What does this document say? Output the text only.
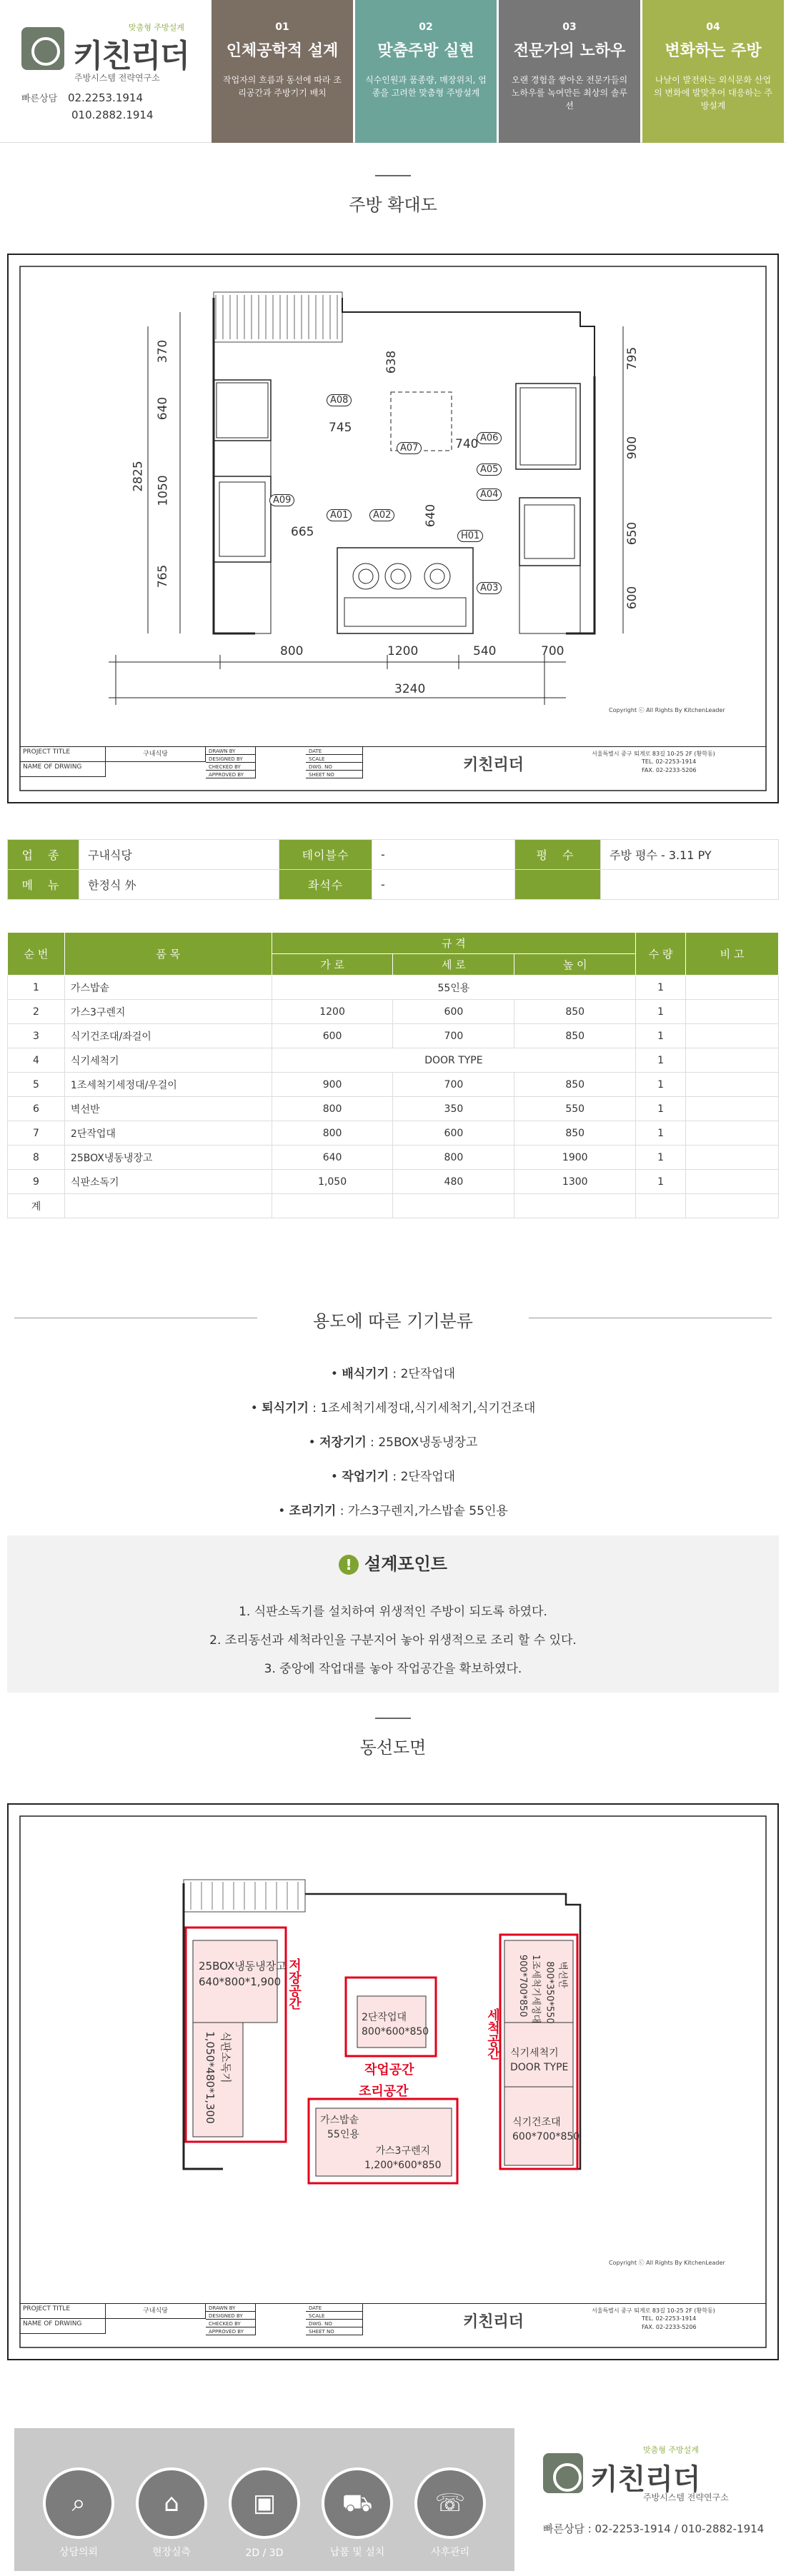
맞춤형 주방설계
키친리더
주방시스템 전략연구소
빠른상담 02.2253.1914
010.2882.1914
01
인체공학적 설계
작업자의 흐름과 동선에 따라 조리공간과 주방기기 배치
02
맞춤주방 실현
식수인원과 품종량, 매장위치, 업종을 고려한 맞춤형 주방설계
03
전문가의 노하우
오랜 경험을 쌓아온 전문가들의 노하우를 녹여만든 최상의 솔루션
04
변화하는 주방
나날이 발전하는 외식문화 산업의 변화에 발맞추어 대응하는 주방설계
주방 확대도
A08
A09
A07
A06
A05
A04
A01	A02
H01
A03
370
640
1050
765
2825
745
638
740
665
640
795
900
650
600
800	1200	540	700
3240
Copyright ⓒ All Rights By KitchenLeader
PROJECT TITLE	구내식당
NAME OF DRWING
DRAWN BY
DESIGNED BY
CHECKED BY
APPROVED BY
DATE
SCALE
DWG. NO
SHEET NO
키친리더
서울특별시 중구 퇴계로 83길 10-25 2F (황학동)
TEL. 02-2253-1914
FAX. 02-2233-5206
업 종	구내식당	테이블수	-	평 수	주방 평수 - 3.11 PY
메 뉴	한정식 外	좌석수	-		
순 번	품 목	규 격			수 량	비 고
		가 로	세 로	높 이		
1	가스밥솥	55인용			1	
2	가스3구렌지	1200	600	850	1	
3	식기건조대/좌걸이	600	700	850	1	
4	식기세척기	DOOR TYPE			1	
5	1조세척기세정대/우걸이	900	700	850	1	
6	벽선반	800	350	550	1	
7	2단작업대	800	600	850	1	
8	25BOX냉동냉장고	640	800	1900	1	
9	식판소독기	1,050	480	1300	1	
계						
용도에 따른 기기분류
• 배식기기 : 2단작업대
• 퇴식기기 : 1조세척기세정대,식기세척기,식기건조대
• 저장기기 : 25BOX냉동냉장고
• 작업기기 : 2단작업대
• 조리기기 : 가스3구렌지,가스밥솥 55인용
! 설계포인트
1. 식판소독기를 설치하여 위생적인 주방이 되도록 하였다.
2. 조리동선과 세척라인을 구분지어 놓아 위생적으로 조리 할 수 있다.
3. 중앙에 작업대를 놓아 작업공간을 확보하였다.
동선도면
25BOX냉동냉장고
640*800*1,900
식판소독기
1,050*480*1,300
2단작업대
800*600*850
가스밥솥
55인용
가스3구렌지
1,200*600*850
벽선반
800*350*550
1조세척기세정대
900*700*850
식기세척기
DOOR TYPE
식기건조대
600*700*850
저장공간
작업공간
조리공간
세척공간
Copyright ⓒ All Rights By KitchenLeader
PROJECT TITLE	구내식당
NAME OF DRWING
DRAWN BY
DESIGNED BY
CHECKED BY
APPROVED BY
DATE
SCALE
DWG. NO
SHEET NO
키친리더
서울특별시 중구 퇴계로 83길 10-25 2F (황학동)
TEL. 02-2253-1914
FAX. 02-2233-5206
⌕
상담의뢰
⌂
현장실측
▣
2D / 3D
⛟
납품 및 설치
☏
사후관리
키친리더
맞춤형 주방설계
주방시스템 전략연구소
빠른상담 : 02-2253-1914 / 010-2882-1914
